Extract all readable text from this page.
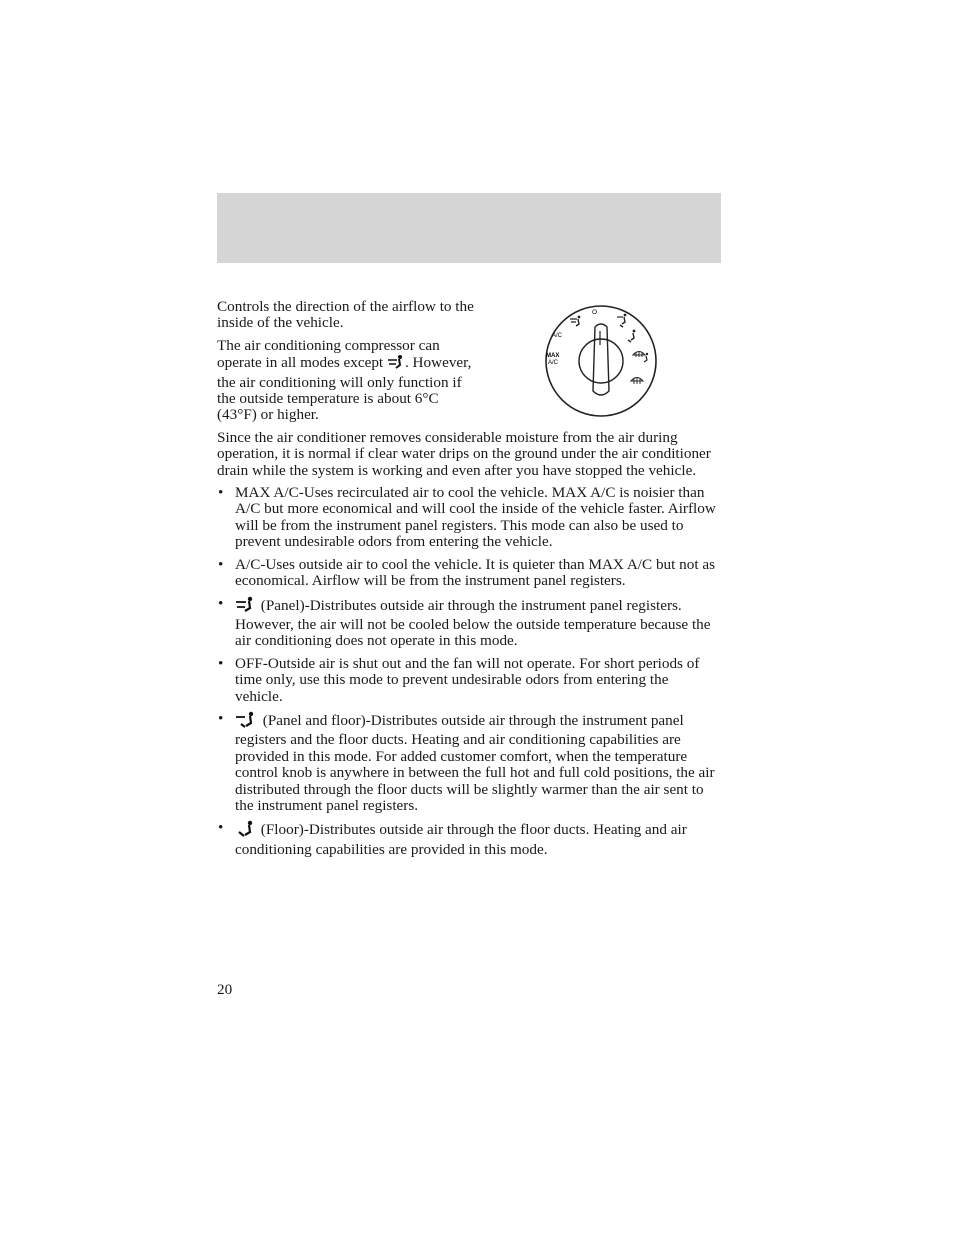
O
A/C
MAX
A/C

Controls the direction of the airflow to the inside of the vehicle.

The air conditioning compressor can operate in all modes except . However, the air conditioning will only function if the outside temperature is about 6°C (43°F) or higher.

Since the air conditioner removes considerable moisture from the air during operation, it is normal if clear water drips on the ground under the air conditioner drain while the system is working and even after you have stopped the vehicle.

• MAX A/C-Uses recirculated air to cool the vehicle. MAX A/C is noisier than A/C but more economical and will cool the inside of the vehicle faster. Airflow will be from the instrument panel registers. This mode can also be used to prevent undesirable odors from entering the vehicle.
• A/C-Uses outside air to cool the vehicle. It is quieter than MAX A/C but not as economical. Airflow will be from the instrument panel registers.
• (Panel)-Distributes outside air through the instrument panel registers. However, the air will not be cooled below the outside temperature because the air conditioning does not operate in this mode.
• OFF-Outside air is shut out and the fan will not operate. For short periods of time only, use this mode to prevent undesirable odors from entering the vehicle.
• (Panel and floor)-Distributes outside air through the instrument panel registers and the floor ducts. Heating and air conditioning capabilities are provided in this mode. For added customer comfort, when the temperature control knob is anywhere in between the full hot and full cold positions, the air distributed through the floor ducts will be slightly warmer than the air sent to the instrument panel registers.
• (Floor)-Distributes outside air through the floor ducts. Heating and air conditioning capabilities are provided in this mode.
20
